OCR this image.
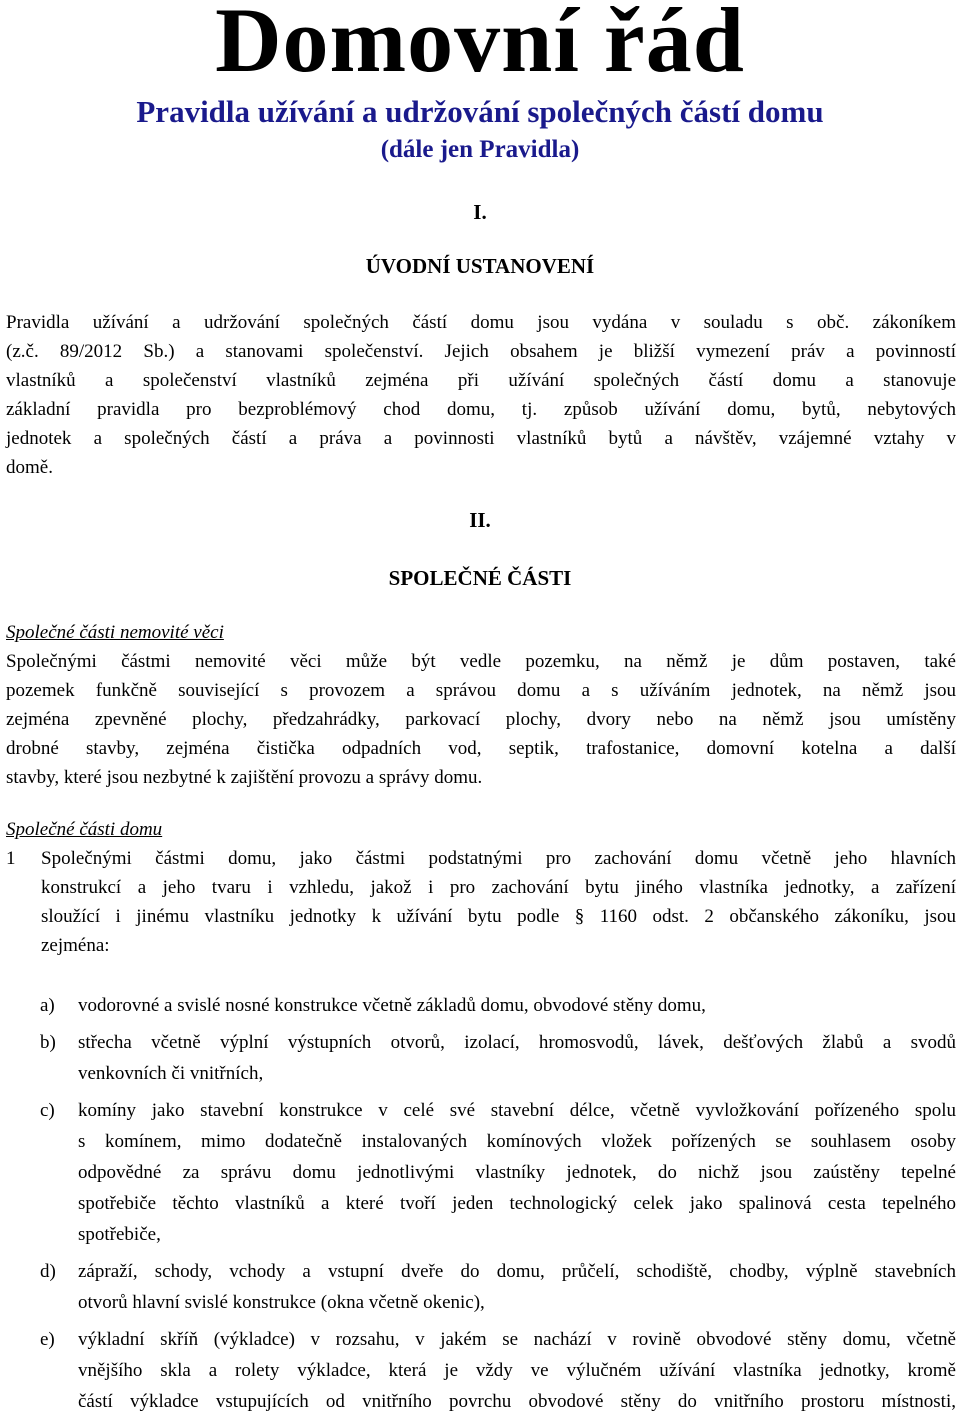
Domovní řád
Pravidla užívání a udržování společných částí domu
(dále jen Pravidla)
I.
ÚVODNÍ USTANOVENÍ
Pravidla užívání a udržování společných částí domu jsou vydána v souladu s obč. zákoníkem
(z.č. 89/2012 Sb.) a stanovami společenství. Jejich obsahem je bližší vymezení práv a povinností
vlastníků a společenství vlastníků zejména při užívání společných částí domu a stanovuje
základní pravidla pro bezproblémový chod domu, tj. způsob užívání domu, bytů, nebytových
jednotek a společných částí a práva a povinnosti vlastníků bytů a návštěv, vzájemné vztahy v
domě.
II.
SPOLEČNÉ ČÁSTI
Společné části nemovité věci
Společnými částmi nemovité věci může být vedle pozemku, na němž je dům postaven, také
pozemek funkčně související s provozem a správou domu a s užíváním jednotek, na němž jsou
zejména zpevněné plochy, předzahrádky, parkovací plochy, dvory nebo na němž jsou umístěny
drobné stavby, zejména čistička odpadních vod, septik, trafostanice, domovní kotelna a další
stavby, které jsou nezbytné k zajištění provozu a správy domu.
Společné části domu
1 Společnými částmi domu, jako částmi podstatnými pro zachování domu včetně jeho hlavních
konstrukcí a jeho tvaru i vzhledu, jakož i pro zachování bytu jiného vlastníka jednotky, a zařízení
sloužící i jinému vlastníku jednotky k užívání bytu podle § 1160 odst. 2 občanského zákoníku, jsou
zejména:
a) vodorovné a svislé nosné konstrukce včetně základů domu, obvodové stěny domu,
b) střecha včetně výplní výstupních otvorů, izolací, hromosvodů, lávek, dešťových žlabů a svodů
venkovních či vnitřních,
c) komíny jako stavební konstrukce v celé své stavební délce, včetně vyvložkování pořízeného spolu
s komínem, mimo dodatečně instalovaných komínových vložek pořízených se souhlasem osoby
odpovědné za správu domu jednotlivými vlastníky jednotek, do nichž jsou zaústěny tepelné
spotřebiče těchto vlastníků a které tvoří jeden technologický celek jako spalinová cesta tepelného
spotřebiče,
d) zápraží, schody, vchody a vstupní dveře do domu, průčelí, schodiště, chodby, výplně stavebních
otvorů hlavní svislé konstrukce (okna včetně okenic),
e) výkladní skříň (výkladce) v rozsahu, v jakém se nachází v rovině obvodové stěny domu, včetně
vnějšího skla a rolety výkladce, která je vždy ve výlučném užívání vlastníka jednotky, kromě
částí výkladce vstupujících od vnitřního povrchu obvodové stěny do vnitřního prostoru místnosti,
